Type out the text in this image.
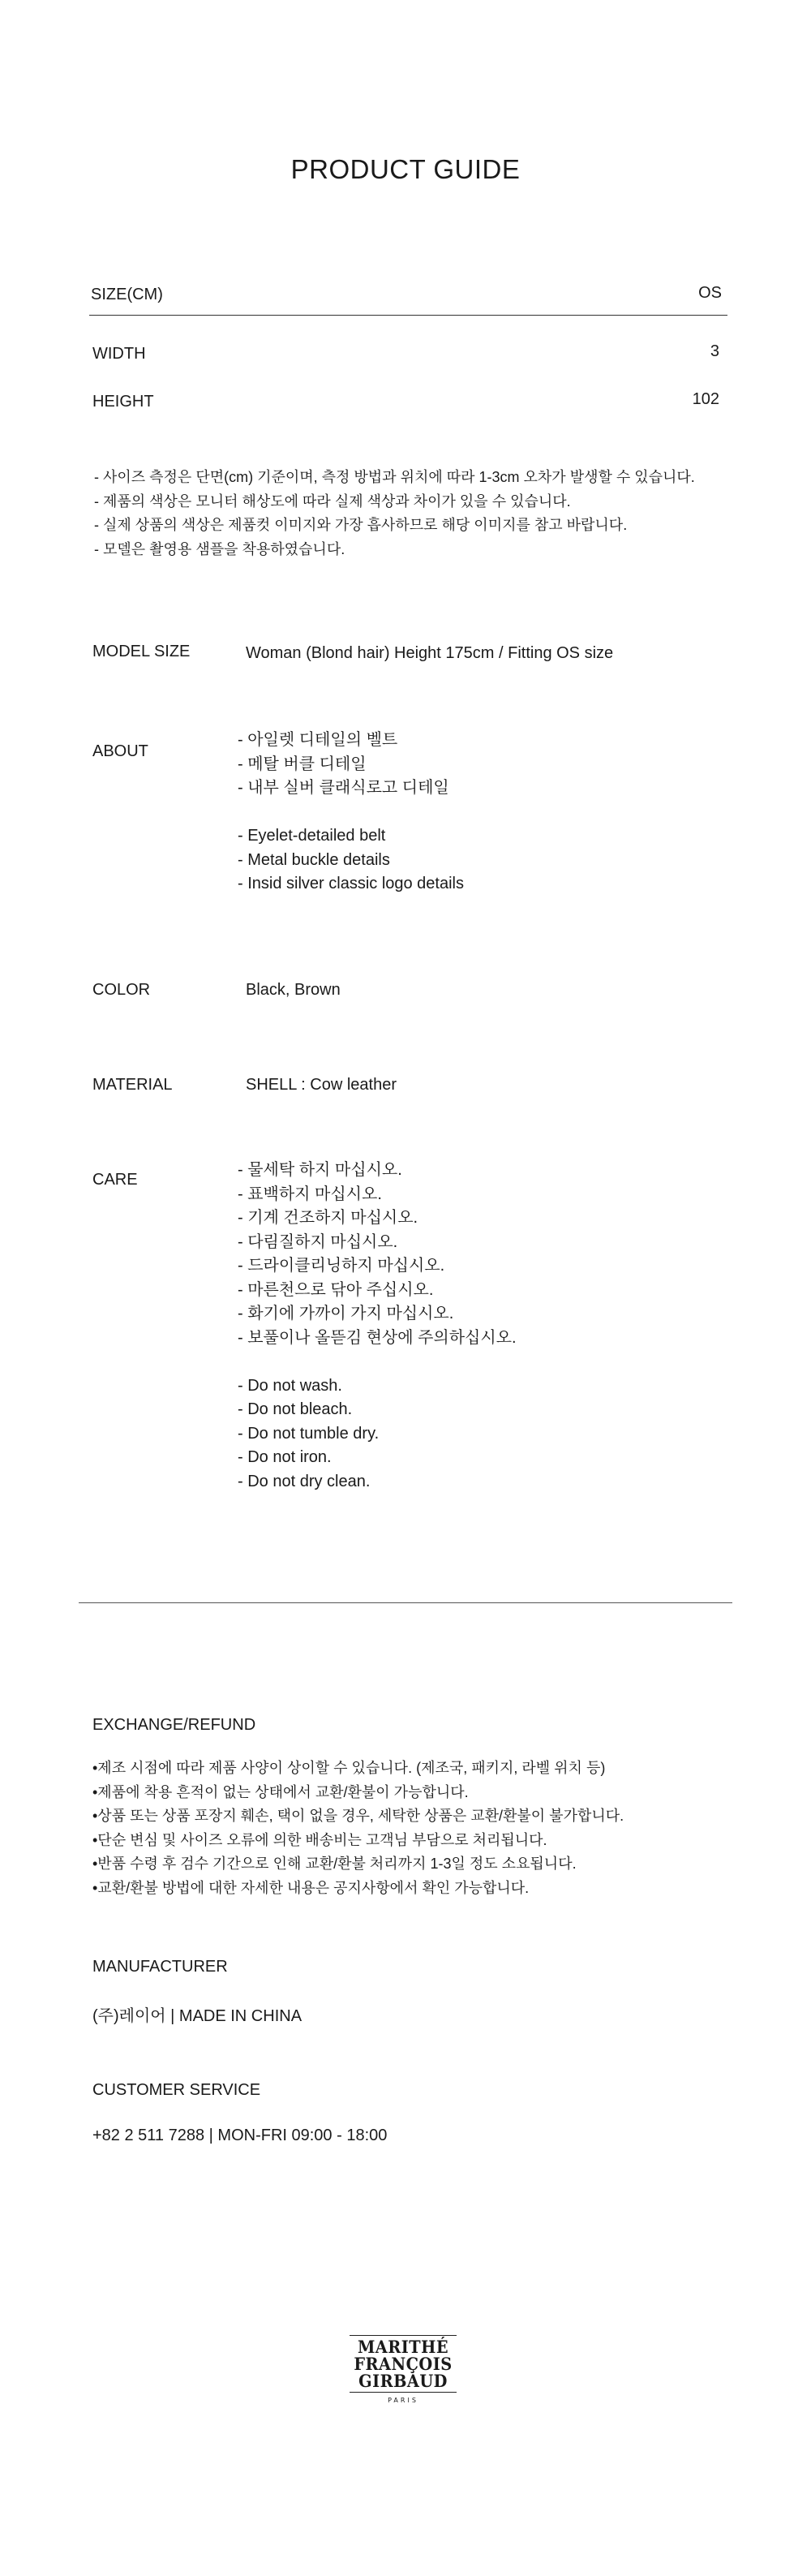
PRODUCT GUIDE
SIZE(CM)	OS
WIDTH	3
HEIGHT	102
- 사이즈 측정은 단면(cm) 기준이며, 측정 방법과 위치에 따라 1-3cm 오차가 발생할 수 있습니다.
- 제품의 색상은 모니터 해상도에 따라 실제 색상과 차이가 있을 수 있습니다.
- 실제 상품의 색상은 제품컷 이미지와 가장 흡사하므로 해당 이미지를 참고 바랍니다.
- 모델은 촬영용 샘플을 착용하였습니다.
MODEL SIZE	Woman (Blond hair) Height 175cm / Fitting OS size
ABOUT
- 아일렛 디테일의 벨트
- 메탈 버클 디테일
- 내부 실버 클래식로고 디테일
- Eyelet-detailed belt
- Metal buckle details
- Insid silver classic logo details
COLOR	Black, Brown
MATERIAL	SHELL : Cow leather
CARE
- 물세탁 하지 마십시오.
- 표백하지 마십시오.
- 기계 건조하지 마십시오.
- 다림질하지 마십시오.
- 드라이클리닝하지 마십시오.
- 마른천으로 닦아 주십시오.
- 화기에 가까이 가지 마십시오.
- 보풀이나 올뜯김 현상에 주의하십시오.
- Do not wash.
- Do not bleach.
- Do not tumble dry.
- Do not iron.
- Do not dry clean.
EXCHANGE/REFUND
•제조 시점에 따라 제품 사양이 상이할 수 있습니다. (제조국, 패키지, 라벨 위치 등)
•제품에 착용 흔적이 없는 상태에서 교환/환불이 가능합니다.
•상품 또는 상품 포장지 훼손, 택이 없을 경우, 세탁한 상품은 교환/환불이 불가합니다.
•단순 변심 및 사이즈 오류에 의한 배송비는 고객님 부담으로 처리됩니다.
•반품 수령 후 검수 기간으로 인해 교환/환불 처리까지 1-3일 정도 소요됩니다.
•교환/환불 방법에 대한 자세한 내용은 공지사항에서 확인 가능합니다.
MANUFACTURER
(주)레이어 | MADE IN CHINA
CUSTOMER SERVICE
+82 2 511 7288 | MON-FRI 09:00 - 18:00
MARITHÉ
FRANÇOIS
GIRBAUD
PARIS
